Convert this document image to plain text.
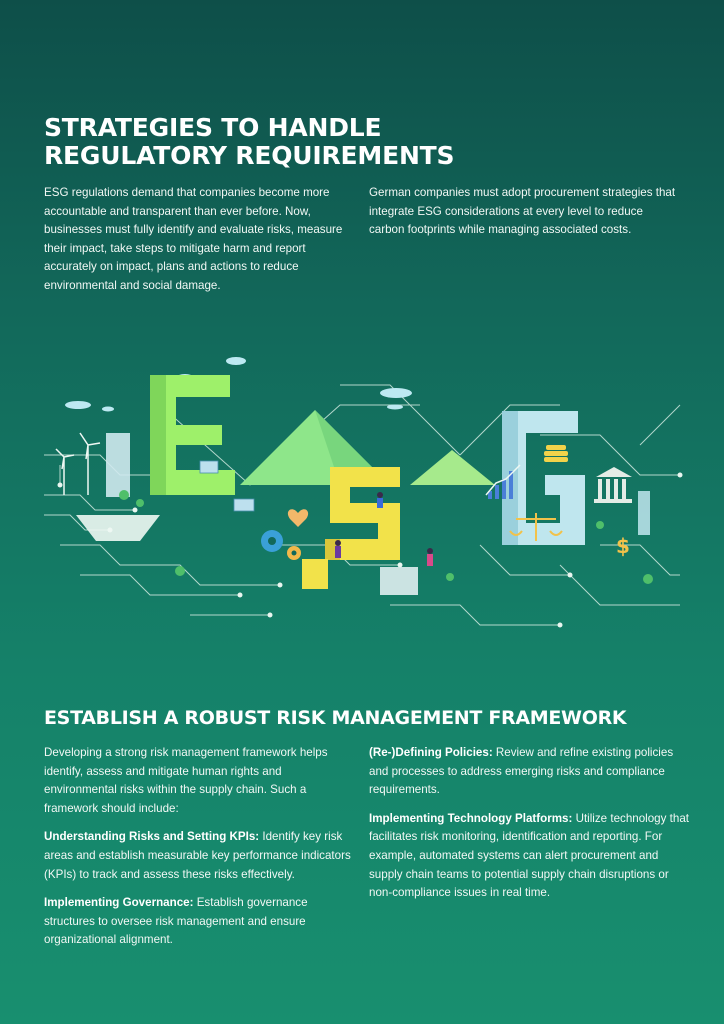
STRATEGIES TO HANDLE
REGULATORY REQUIREMENTS

ESG regulations demand that companies become more accountable and transparent than ever before. Now, businesses must fully identify and evaluate risks, measure their impact, take steps to mitigate harm and report accurately on impact, plans and actions to reduce environmental and social damage.

German companies must adopt procurement strategies that integrate ESG considerations at every level to reduce carbon footprints while managing associated costs.

$
ESTABLISH A ROBUST RISK MANAGEMENT FRAMEWORK

Developing a strong risk management framework helps identify, assess and mitigate human rights and environmental risks within the supply chain. Such a framework should include:

Understanding Risks and Setting KPIs: Identify key risk areas and establish measurable key performance indicators (KPIs) to track and assess these risks effectively.

Implementing Governance: Establish governance structures to oversee risk management and ensure organizational alignment.

(Re-)Defining Policies: Review and refine existing policies and processes to address emerging risks and compliance requirements.

Implementing Technology Platforms: Utilize technology that facilitates risk monitoring, identification and reporting. For example, automated systems can alert procurement and supply chain teams to potential supply chain disruptions or non-compliance issues in real time.
